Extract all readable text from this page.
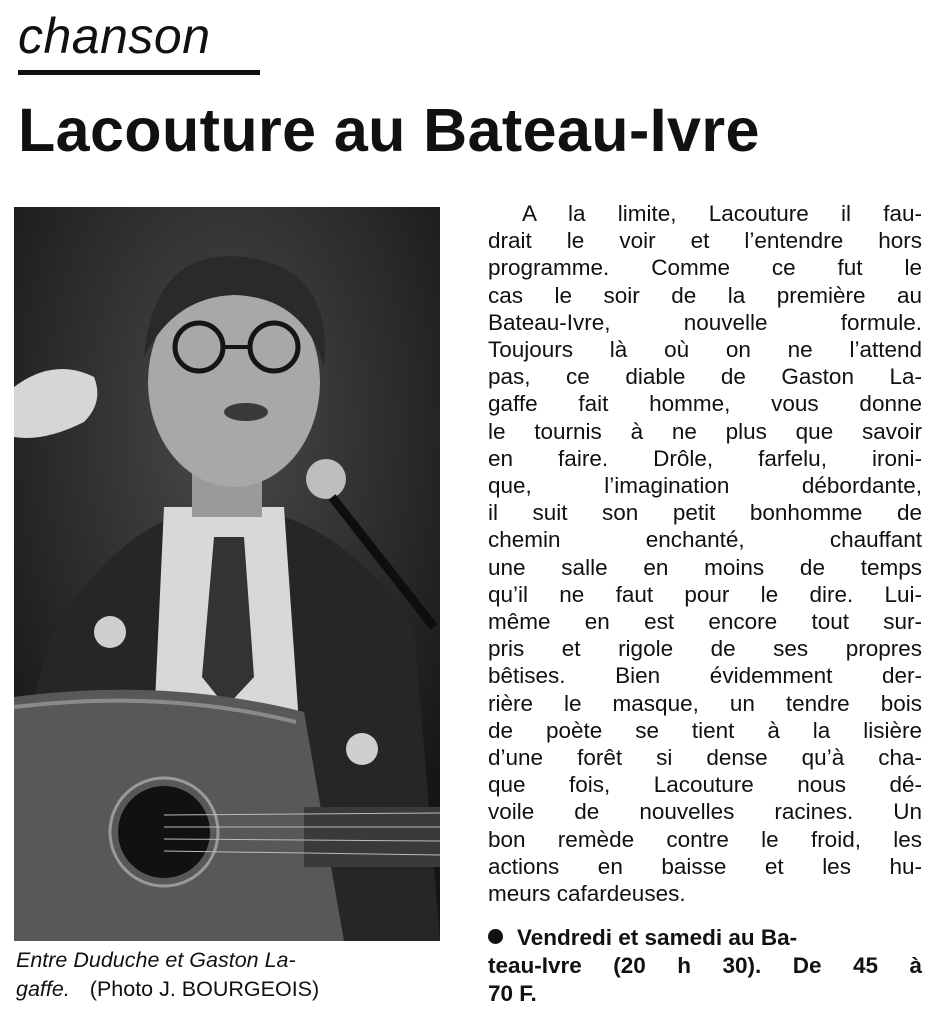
chanson
Lacouture au Bateau-Ivre
Entre Duduche et Gaston La-
gaffe. (Photo J. BOURGEOIS)
A la limite, Lacouture il fau-
drait le voir et l’entendre hors
programme. Comme ce fut le
cas le soir de la première au
Bateau-Ivre, nouvelle formule.
Toujours là où on ne l’attend
pas, ce diable de Gaston La-
gaffe fait homme, vous donne
le tournis à ne plus que savoir
en faire. Drôle, farfelu, ironi-
que, l’imagination débordante,
il suit son petit bonhomme de
chemin enchanté, chauffant
une salle en moins de temps
qu’il ne faut pour le dire. Lui-
même en est encore tout sur-
pris et rigole de ses propres
bêtises. Bien évidemment der-
rière le masque, un tendre bois
de poète se tient à la lisière
d’une forêt si dense qu’à cha-
que fois, Lacouture nous dé-
voile de nouvelles racines. Un
bon remède contre le froid, les
actions en baisse et les hu-
meurs cafardeuses.
Vendredi et samedi au Ba-
teau-Ivre (20 h 30). De 45 à
70 F.
